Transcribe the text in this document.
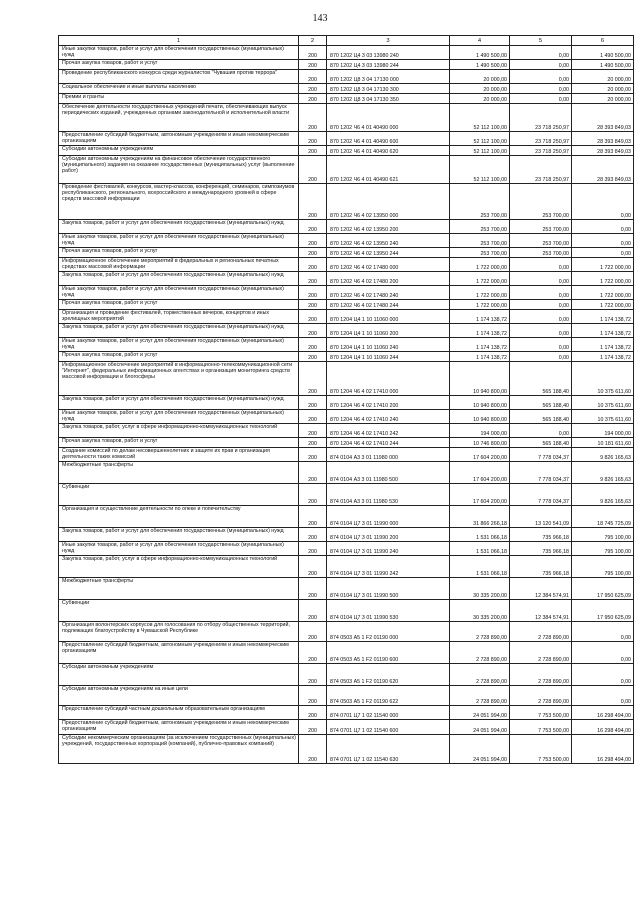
143
1	2	3	4	5	6
Иные закупки товаров, работ и услуг для обеспечения государственных (муниципальных) нужд	200	870 1202 Ц4 3 03 13980 240	1 490 500,00	0,00	1 490 500,00
Прочая закупка товаров, работ и услуг	200	870 1202 Ц4 3 03 13980 244	1 490 500,00	0,00	1 490 500,00
Проведение республиканского конкурса среди журналистов "Чувашия против террора"	200	870 1202 Ц8 3 04 17130 000	20 000,00	0,00	20 000,00
Социальное обеспечение и иные выплаты населению	200	870 1202 Ц8 3 04 17130 300	20 000,00	0,00	20 000,00
Премии и гранты	200	870 1202 Ц8 3 04 17130 350	20 000,00	0,00	20 000,00
Обеспечение деятельности государственных учреждений печати, обеспечивающих выпуск периодических изданий, учрежденных органами законодательной и исполнительной власти	200	870 1202 Ч6 4 01 40490 000	52 112 100,00	23 718 250,97	28 393 849,03
Предоставление субсидий бюджетным, автономным учреждениям и иным некоммерческим организациям	200	870 1202 Ч6 4 01 40490 600	52 112 100,00	23 718 250,97	28 393 849,03
Субсидии автономным учреждениям	200	870 1202 Ч6 4 01 40490 620	52 112 100,00	23 718 250,97	28 393 849,03
Субсидии автономным учреждениям на финансовое обеспечение государственного (муниципального) задания на оказание государственных (муниципальных) услуг (выполнение работ)	200	870 1202 Ч6 4 01 40490 621	52 112 100,00	23 718 250,97	28 393 849,03
Проведение фестивалей, конкурсов, мастер-классов, конференций, семинаров, симпозиумов республиканского, регионального, всероссийского и международного уровней в сфере средств массовой информации	200	870 1202 Ч6 4 02 13950 000	253 700,00	253 700,00	0,00
Закупка товаров, работ и услуг для обеспечения государственных (муниципальных) нужд	200	870 1202 Ч6 4 02 13950 200	253 700,00	253 700,00	0,00
Иные закупки товаров, работ и услуг для обеспечения государственных (муниципальных) нужд	200	870 1202 Ч6 4 02 13950 240	253 700,00	253 700,00	0,00
Прочая закупка товаров, работ и услуг	200	870 1202 Ч6 4 02 13950 244	253 700,00	253 700,00	0,00
Информационное обеспечение мероприятий в федеральных и региональных печатных средствах массовой информации	200	870 1202 Ч6 4 02 17480 000	1 722 000,00	0,00	1 722 000,00
Закупка товаров, работ и услуг для обеспечения государственных (муниципальных) нужд	200	870 1202 Ч6 4 02 17480 200	1 722 000,00	0,00	1 722 000,00
Иные закупки товаров, работ и услуг для обеспечения государственных (муниципальных) нужд	200	870 1202 Ч6 4 02 17480 240	1 722 000,00	0,00	1 722 000,00
Прочая закупка товаров, работ и услуг	200	870 1202 Ч6 4 02 17480 244	1 722 000,00	0,00	1 722 000,00
Организация и проведение фестивалей, торжественных вечеров, концертов и иных зрелищных мероприятий	200	870 1204 Ц4 1 10 11060 000	1 174 138,72	0,00	1 174 138,72
Закупка товаров, работ и услуг для обеспечения государственных (муниципальных) нужд	200	870 1204 Ц4 1 10 11060 200	1 174 138,72	0,00	1 174 138,72
Иные закупки товаров, работ и услуг для обеспечения государственных (муниципальных) нужд	200	870 1204 Ц4 1 10 11060 240	1 174 138,72	0,00	1 174 138,72
Прочая закупка товаров, работ и услуг	200	870 1204 Ц4 1 10 11060 244	1 174 138,72	0,00	1 174 138,72
Информационное обеспечение мероприятий в информационно-телекоммуникационной сети "Интернет", федеральных информационных агентствах и организация мониторинга средств массовой информации и блогосферы	200	870 1204 Ч6 4 02 17410 000	10 940 800,00	565 188,40	10 375 611,60
Закупка товаров, работ и услуг для обеспечения государственных (муниципальных) нужд	200	870 1204 Ч6 4 02 17410 200	10 940 800,00	565 188,40	10 375 611,60
Иные закупки товаров, работ и услуг для обеспечения государственных (муниципальных) нужд	200	870 1204 Ч6 4 02 17410 240	10 940 800,00	565 188,40	10 375 611,60
Закупка товаров, работ, услуг в сфере информационно-коммуникационных технологий	200	870 1204 Ч6 4 02 17410 242	194 000,00	0,00	194 000,00
Прочая закупка товаров, работ и услуг	200	870 1204 Ч6 4 02 17410 244	10 746 800,00	565 188,40	10 181 611,60
Создание комиссий по делам несовершеннолетних и защите их прав и организация деятельности таких комиссий	200	874 0104 А3 3 01 11980 000	17 604 200,00	7 778 034,37	9 826 165,63
Межбюджетные трансферты	200	874 0104 А3 3 01 11980 500	17 604 200,00	7 778 034,37	9 826 165,63
Субвенции	200	874 0104 А3 3 01 11980 530	17 604 200,00	7 778 034,37	9 826 165,63
Организация и осуществление деятельности по опеке и попечительству	200	874 0104 Ц7 3 01 11990 000	31 866 266,18	13 120 541,09	18 745 725,09
Закупка товаров, работ и услуг для обеспечения государственных (муниципальных) нужд	200	874 0104 Ц7 3 01 11990 200	1 531 066,18	735 966,18	795 100,00
Иные закупки товаров, работ и услуг для обеспечения государственных (муниципальных) нужд	200	874 0104 Ц7 3 01 11990 240	1 531 066,18	735 966,18	795 100,00
Закупка товаров, работ, услуг в сфере информационно-коммуникационных технологий	200	874 0104 Ц7 3 01 11990 242	1 531 066,18	735 966,18	795 100,00
Межбюджетные трансферты	200	874 0104 Ц7 3 01 11990 500	30 335 200,00	12 384 574,91	17 950 625,09
Субвенции	200	874 0104 Ц7 3 01 11990 530	30 335 200,00	12 384 574,91	17 950 625,09
Организация волонтерских корпусов для голосования по отбору общественных территорий, подлежащих благоустройству в Чувашской Республике	200	874 0503 А5 1 F2 01190 000	2 728 890,00	2 728 890,00	0,00
Предоставление субсидий бюджетным, автономным учреждениям и иным некоммерческим организациям	200	874 0503 А5 1 F2 01190 600	2 728 890,00	2 728 890,00	0,00
Субсидии автономным учреждениям	200	874 0503 А5 1 F2 01190 620	2 728 890,00	2 728 890,00	0,00
Субсидии автономным учреждениям на иные цели	200	874 0503 А5 1 F2 01190 622	2 728 890,00	2 728 890,00	0,00
Предоставление субсидий частным дошкольным образовательным организациям	200	874 0701 Ц7 1 02 11540 000	24 051 994,00	7 753 500,00	16 298 494,00
Предоставление субсидий бюджетным, автономным учреждениям и иным некоммерческим организациям	200	874 0701 Ц7 1 02 11540 600	24 051 994,00	7 753 500,00	16 298 494,00
Субсидии некоммерческим организациям (за исключением государственных (муниципальных) учреждений, государственных корпораций (компаний), публично-правовых компаний)	200	874 0701 Ц7 1 02 11540 630	24 051 994,00	7 753 500,00	16 298 494,00
